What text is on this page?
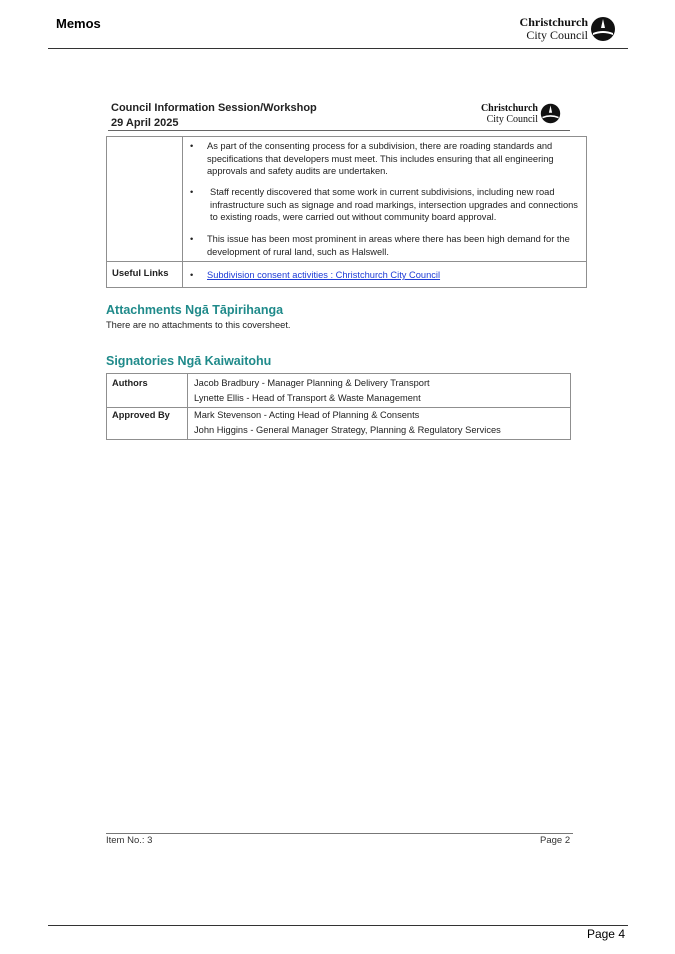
Memos	Christchurch
City Council
Council Information Session/Workshop
29 April 2025
Christchurch
City Council
• As part of the consenting process for a subdivision, there are roading standards and specifications that developers must meet. This includes ensuring that all engineering approvals and safety audits are undertaken.
• Staff recently discovered that some work in current subdivisions, including new road infrastructure such as signage and road markings, intersection upgrades and connections to existing roads, were carried out without community board approval.
• This issue has been most prominent in areas where there has been high demand for the development of rural land, such as Halswell.
Useful Links • Subdivision consent activities : Christchurch City Council
Attachments Ngā Tāpirihanga
There are no attachments to this coversheet.
Signatories Ngā Kaiwaitohu
Authors	Jacob Bradbury - Manager Planning & Delivery Transport
Lynette Ellis - Head of Transport & Waste Management
Approved By	Mark Stevenson - Acting Head of Planning & Consents
John Higgins - General Manager Strategy, Planning & Regulatory Services
Item No.: 3	Page 2
Page 4
